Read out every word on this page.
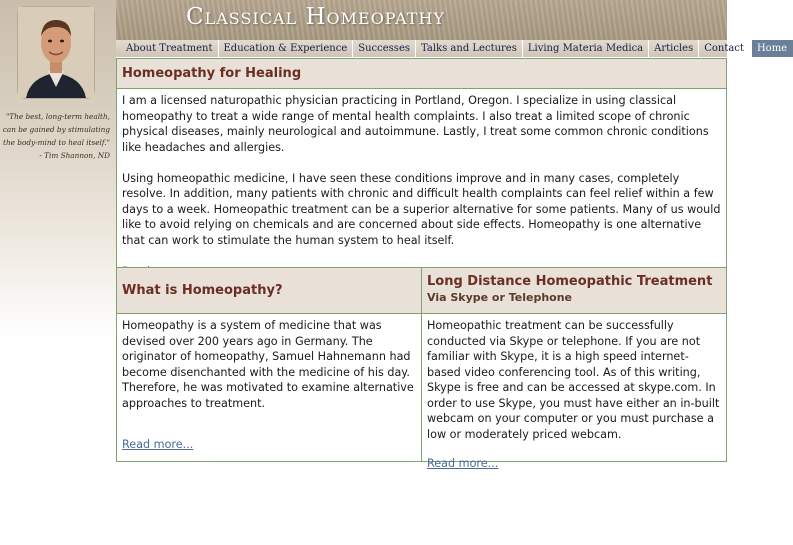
Classical Homeopathy
"The best, long-term health, can be gained by stimulating the body-mind to heal itself."
- Tim Shannon, ND
About Treatment	Education & Experience	Successes	Talks and Lectures	Living Materia Medica	Articles	Contact	Home
Homeopathy for Healing

I am a licensed naturopathic physician practicing in Portland, Oregon. I specialize in using classical homeopathy to treat a wide range of mental health complaints. I also treat a limited scope of chronic physical diseases, mainly neurological and autoimmune. Lastly, I treat some common chronic conditions like headaches and allergies.

Using homeopathic medicine, I have seen these conditions improve and in many cases, completely resolve. In addition, many patients with chronic and difficult health complaints can feel relief within a few days to a week. Homeopathic treatment can be a superior alternative for some patients. Many of us would like to avoid relying on chemicals and are concerned about side effects. Homeopathy is one alternative that can work to stimulate the human system to heal itself.

What is Homeopathy?

Homeopathy is a system of medicine that was devised over 200 years ago in Germany. The originator of homeopathy, Samuel Hahnemann had become disenchanted with the medicine of his day. Therefore, he was motivated to examine alternative approaches to treatment.

Read more...
Long Distance Homeopathic Treatment
Via Skype or Telephone

Homeopathic treatment can be successfully conducted via Skype or telephone. If you are not familiar with Skype, it is a high speed internet-based video conferencing tool. As of this writing, Skype is free and can be accessed at skype.com. In order to use Skype, you must have either an in-built webcam on your computer or you must purchase a low or moderately priced webcam.

Read more...
